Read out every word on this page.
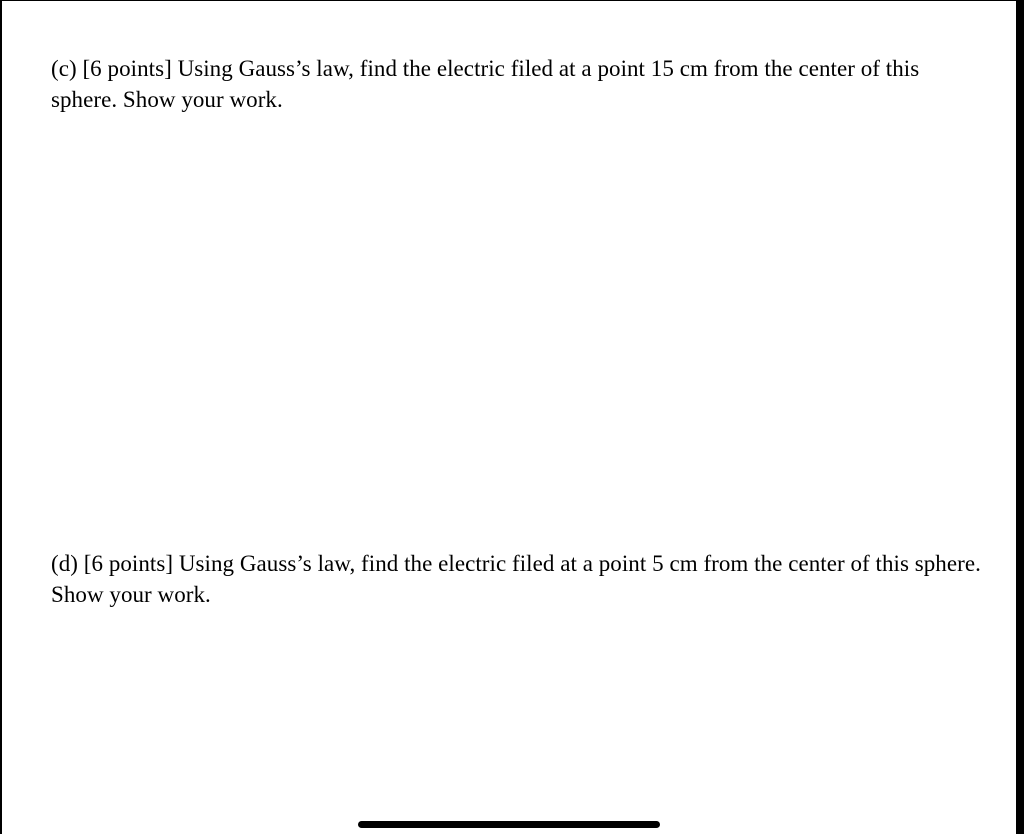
(c) [6 points] Using Gauss’s law, find the electric filed at a point 15 cm from the center of this sphere. Show your work.

(d) [6 points] Using Gauss’s law, find the electric filed at a point 5 cm from the center of this sphere. Show your work.
